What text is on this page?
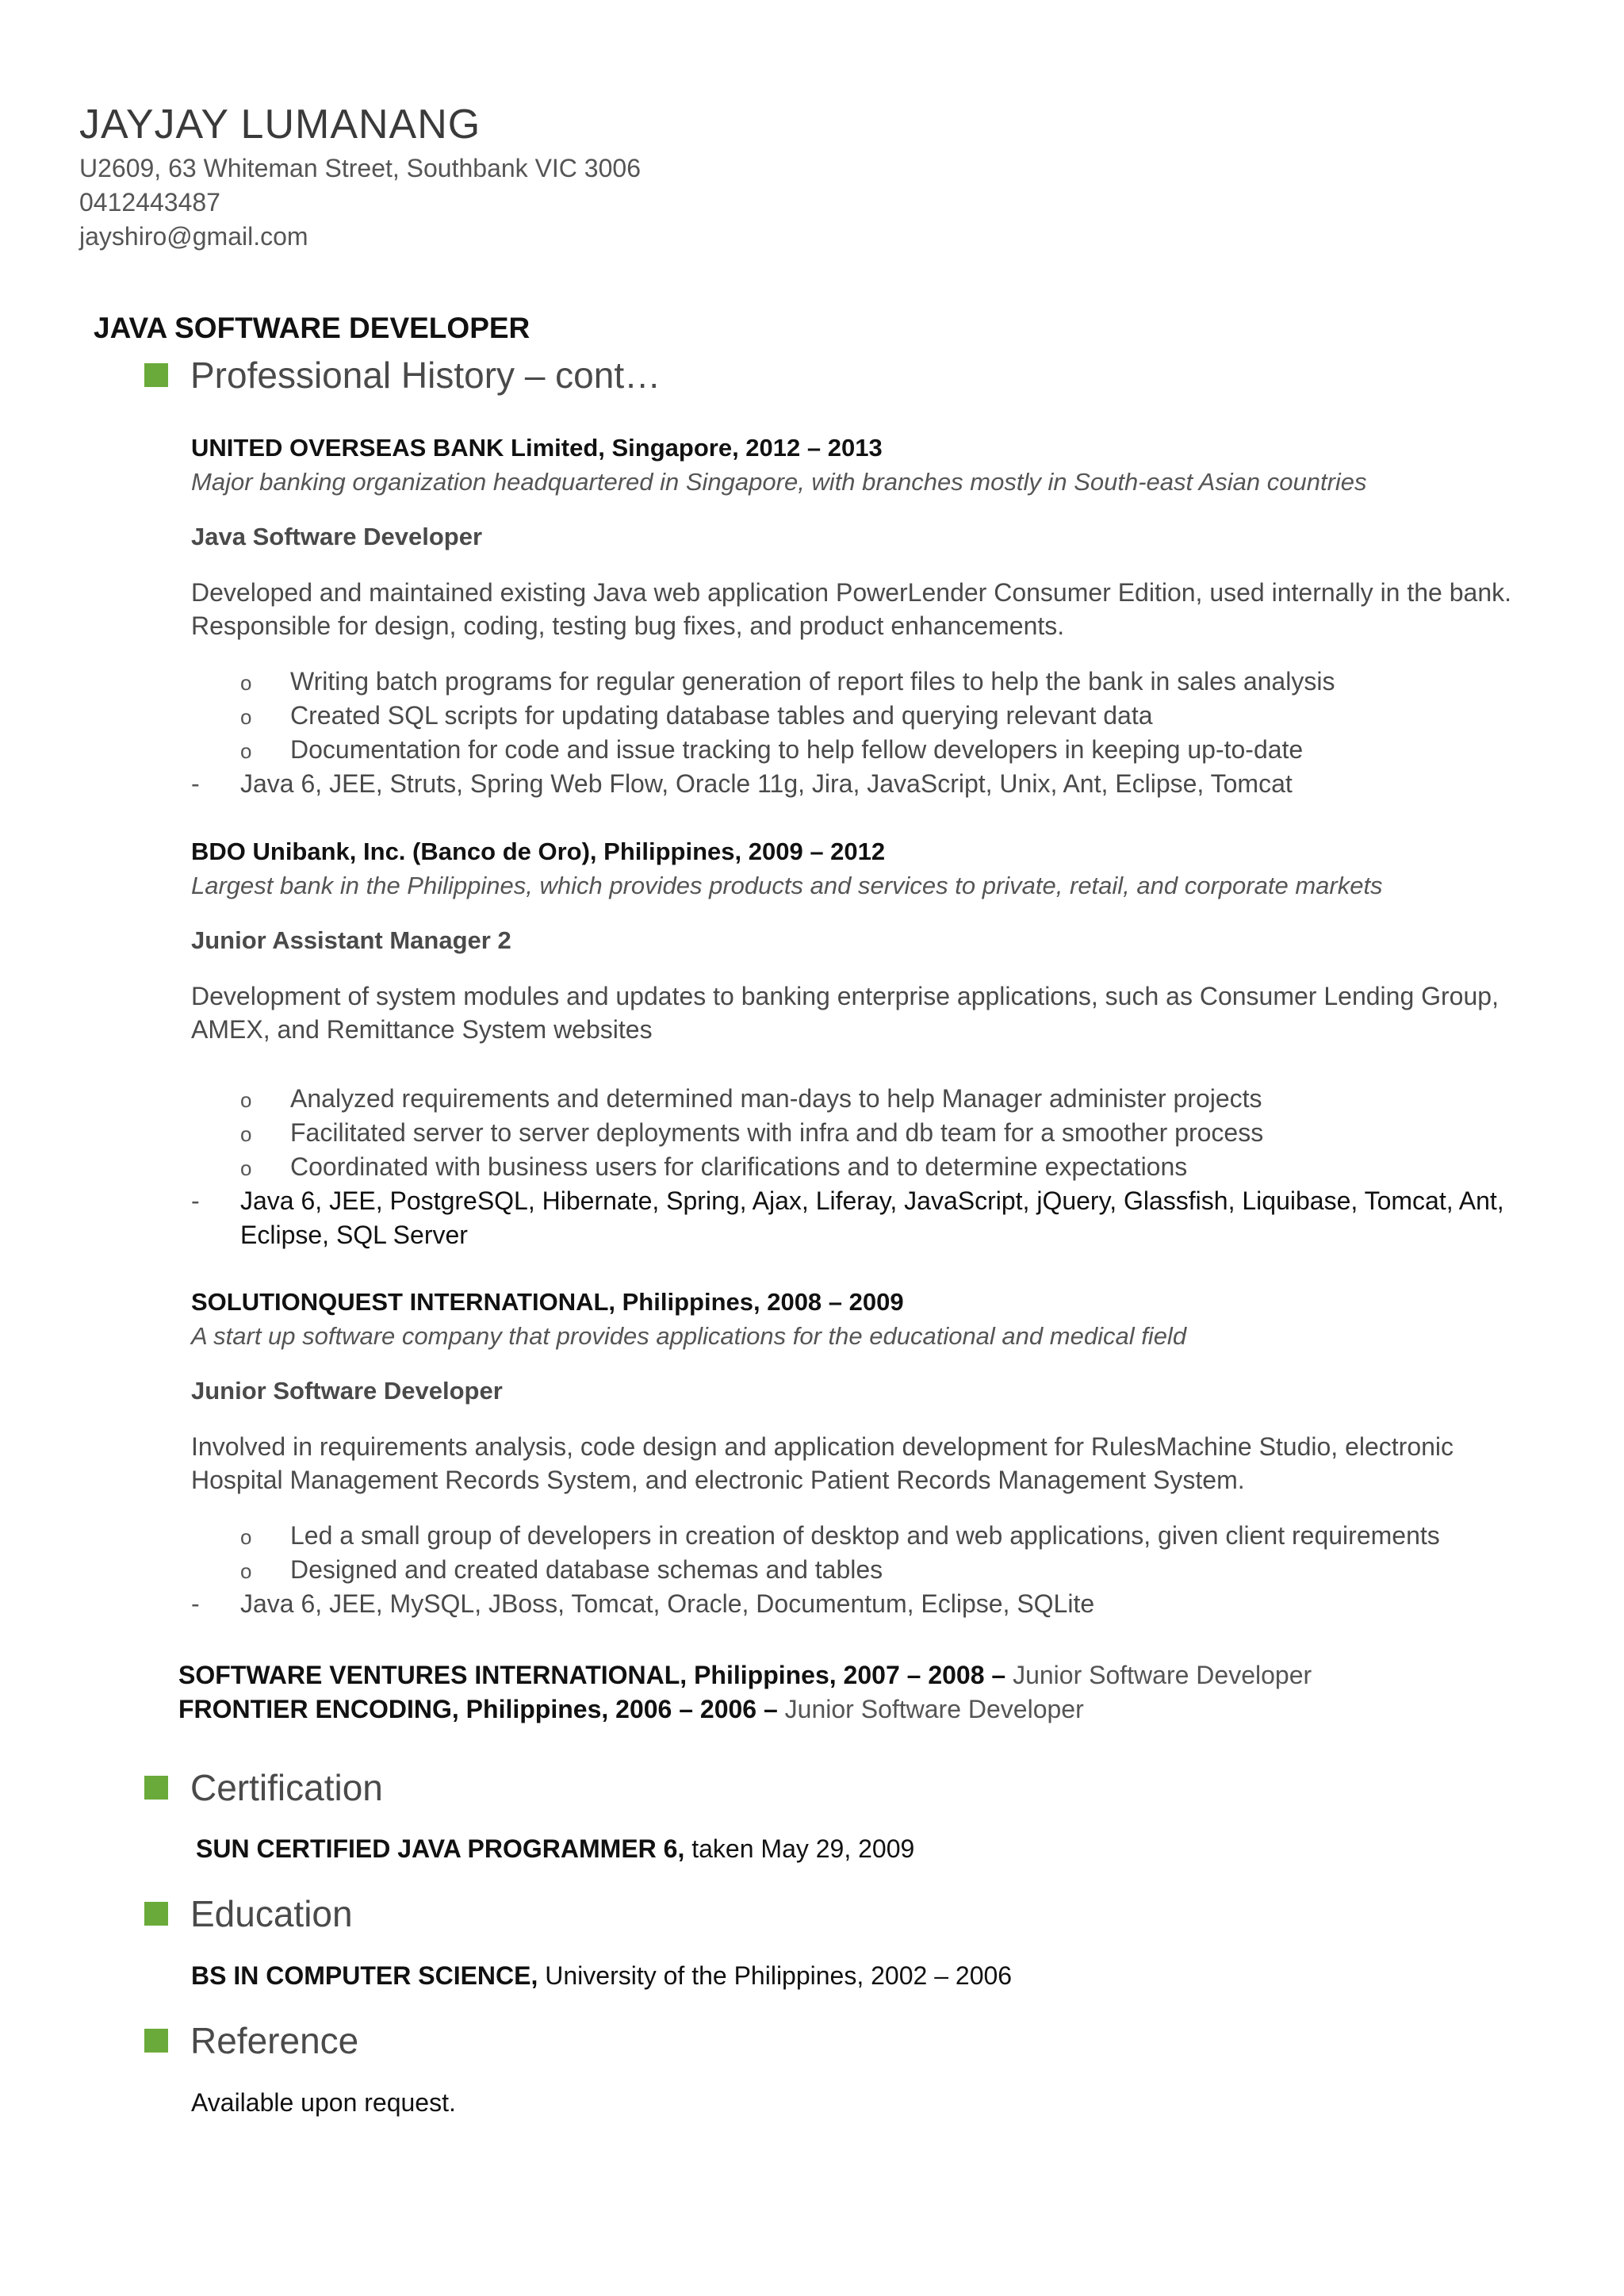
JAYJAY LUMANANG
U2609, 63 Whiteman Street, Southbank VIC 3006
0412443487
jayshiro@gmail.com
JAVA SOFTWARE DEVELOPER
Professional History – cont…
UNITED OVERSEAS BANK Limited, Singapore, 2012 – 2013
Major banking organization headquartered in Singapore, with branches mostly in South-east Asian countries
Java Software Developer
Developed and maintained existing Java web application PowerLender Consumer Edition, used internally in the bank.
Responsible for design, coding, testing bug fixes, and product enhancements.
o Writing batch programs for regular generation of report files to help the bank in sales analysis
o Created SQL scripts for updating database tables and querying relevant data
o Documentation for code and issue tracking to help fellow developers in keeping up-to-date
- Java 6, JEE, Struts, Spring Web Flow, Oracle 11g, Jira, JavaScript, Unix, Ant, Eclipse, Tomcat
BDO Unibank, Inc. (Banco de Oro), Philippines, 2009 – 2012
Largest bank in the Philippines, which provides products and services to private, retail, and corporate markets
Junior Assistant Manager 2
Development of system modules and updates to banking enterprise applications, such as Consumer Lending Group,
AMEX, and Remittance System websites
o Analyzed requirements and determined man-days to help Manager administer projects
o Facilitated server to server deployments with infra and db team for a smoother process
o Coordinated with business users for clarifications and to determine expectations
- Java 6, JEE, PostgreSQL, Hibernate, Spring, Ajax, Liferay, JavaScript, jQuery, Glassfish, Liquibase, Tomcat, Ant,
Eclipse, SQL Server
SOLUTIONQUEST INTERNATIONAL, Philippines, 2008 – 2009
A start up software company that provides applications for the educational and medical field
Junior Software Developer
Involved in requirements analysis, code design and application development for RulesMachine Studio, electronic
Hospital Management Records System, and electronic Patient Records Management System.
o Led a small group of developers in creation of desktop and web applications, given client requirements
o Designed and created database schemas and tables
- Java 6, JEE, MySQL, JBoss, Tomcat, Oracle, Documentum, Eclipse, SQLite
SOFTWARE VENTURES INTERNATIONAL, Philippines, 2007 – 2008 – Junior Software Developer
FRONTIER ENCODING, Philippines, 2006 – 2006 – Junior Software Developer
Certification
SUN CERTIFIED JAVA PROGRAMMER 6, taken May 29, 2009
Education
BS IN COMPUTER SCIENCE, University of the Philippines, 2002 – 2006
Reference
Available upon request.
